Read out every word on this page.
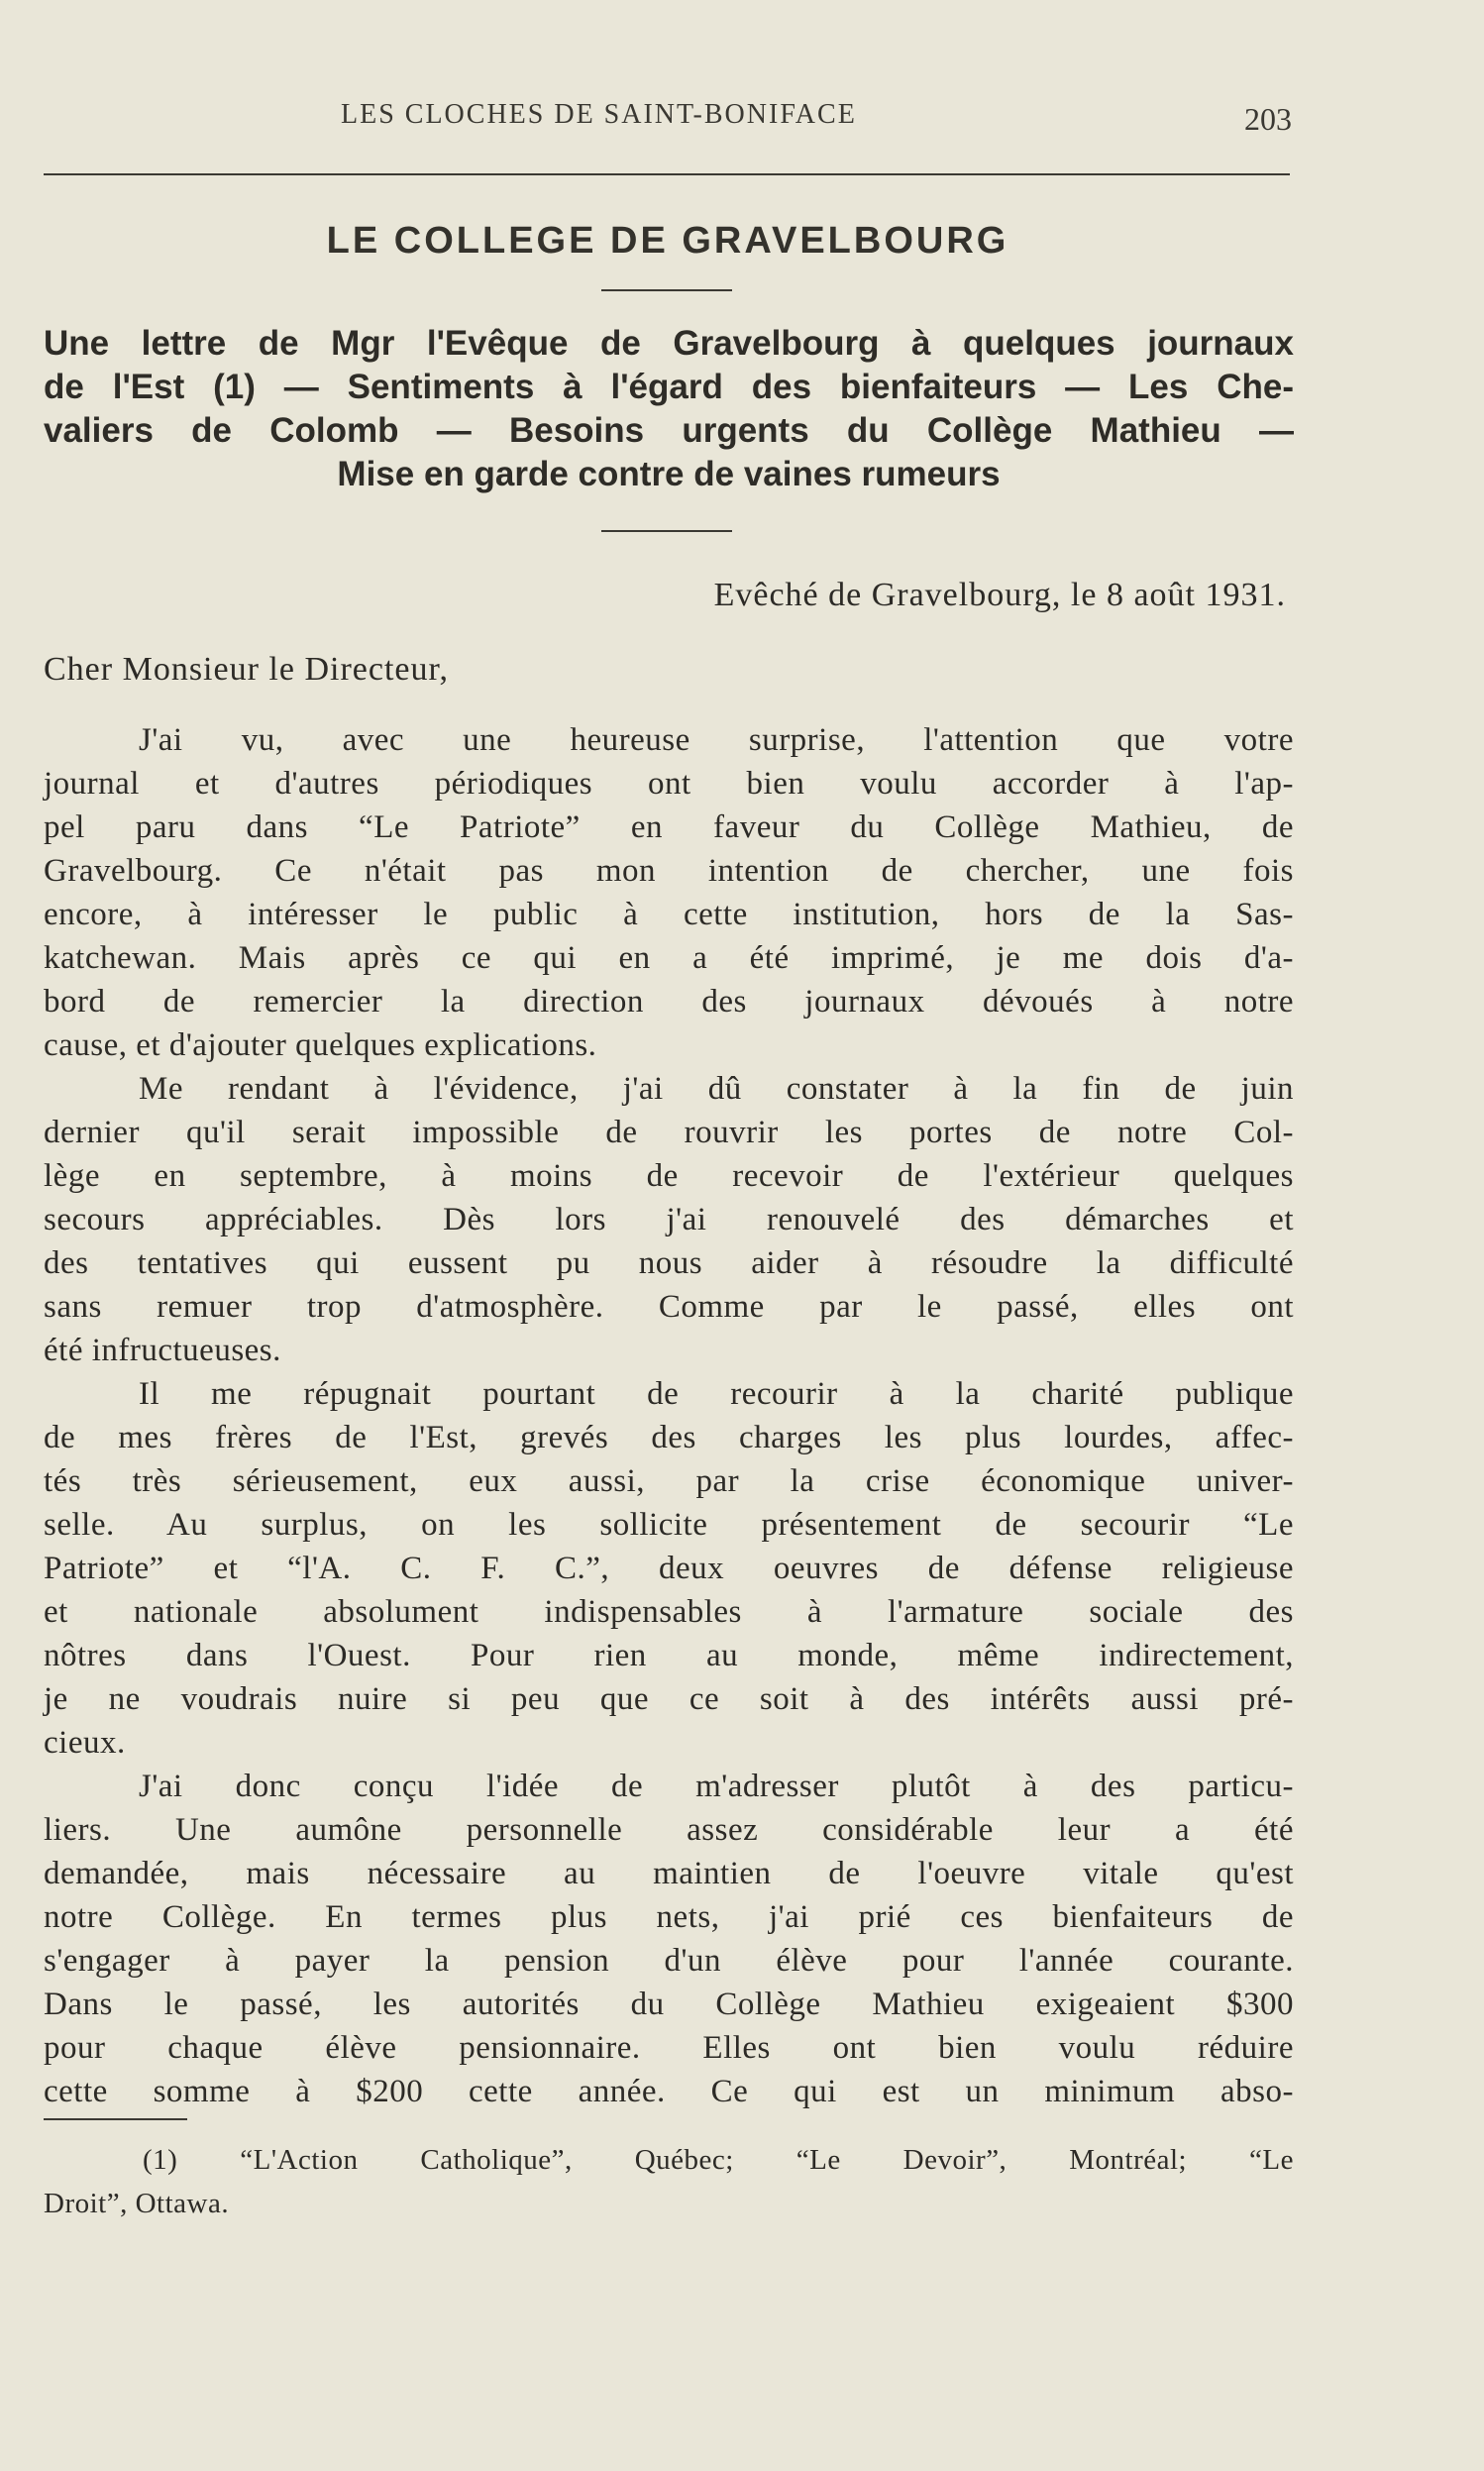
LES CLOCHES DE SAINT-BONIFACE	203
LE COLLEGE DE GRAVELBOURG
Une lettre de Mgr l'Evêque de Gravelbourg à quelques journaux
de l'Est (1) — Sentiments à l'égard des bienfaiteurs — Les Che-
valiers de Colomb — Besoins urgents du Collège Mathieu —
Mise en garde contre de vaines rumeurs
Evêché de Gravelbourg, le 8 août 1931.
Cher Monsieur le Directeur,
J'ai vu, avec une heureuse surprise, l'attention que votre
journal et d'autres périodiques ont bien voulu accorder à l'ap-
pel paru dans “Le Patriote” en faveur du Collège Mathieu, de
Gravelbourg. Ce n'était pas mon intention de chercher, une fois
encore, à intéresser le public à cette institution, hors de la Sas-
katchewan. Mais après ce qui en a été imprimé, je me dois d'a-
bord de remercier la direction des journaux dévoués à notre
cause, et d'ajouter quelques explications.
Me rendant à l'évidence, j'ai dû constater à la fin de juin
dernier qu'il serait impossible de rouvrir les portes de notre Col-
lège en septembre, à moins de recevoir de l'extérieur quelques
secours appréciables. Dès lors j'ai renouvelé des démarches et
des tentatives qui eussent pu nous aider à résoudre la difficulté
sans remuer trop d'atmosphère. Comme par le passé, elles ont
été infructueuses.
Il me répugnait pourtant de recourir à la charité publique
de mes frères de l'Est, grevés des charges les plus lourdes, affec-
tés très sérieusement, eux aussi, par la crise économique univer-
selle. Au surplus, on les sollicite présentement de secourir “Le
Patriote” et “l'A. C. F. C.”, deux oeuvres de défense religieuse
et nationale absolument indispensables à l'armature sociale des
nôtres dans l'Ouest. Pour rien au monde, même indirectement,
je ne voudrais nuire si peu que ce soit à des intérêts aussi pré-
cieux.
J'ai donc conçu l'idée de m'adresser plutôt à des particu-
liers. Une aumône personnelle assez considérable leur a été
demandée, mais nécessaire au maintien de l'oeuvre vitale qu'est
notre Collège. En termes plus nets, j'ai prié ces bienfaiteurs de
s'engager à payer la pension d'un élève pour l'année courante.
Dans le passé, les autorités du Collège Mathieu exigeaient $300
pour chaque élève pensionnaire. Elles ont bien voulu réduire
cette somme à $200 cette année. Ce qui est un minimum abso-
(1) “L'Action Catholique”, Québec; “Le Devoir”, Montréal; “Le
Droit”, Ottawa.
